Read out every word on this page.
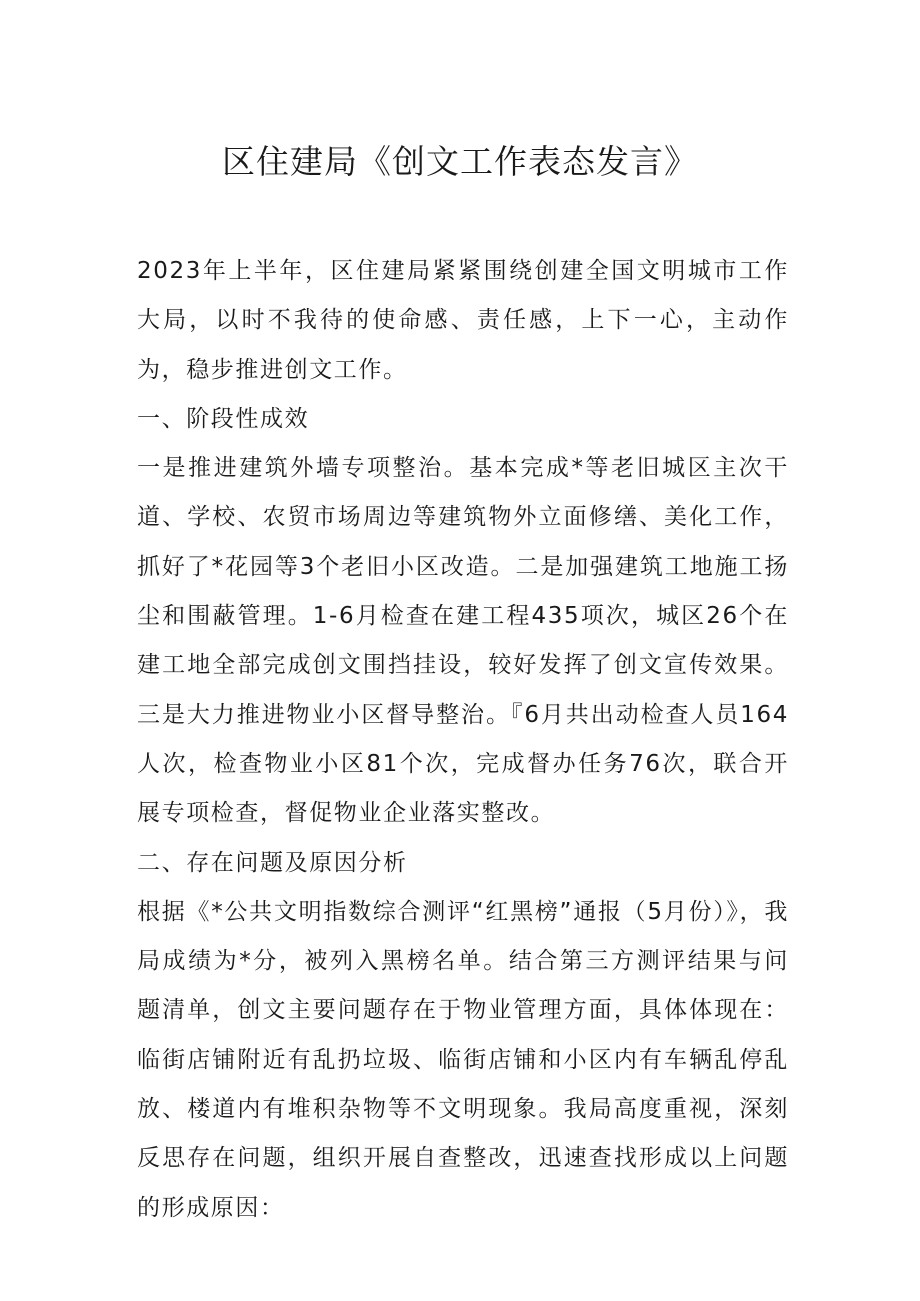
区住建局《创文工作表态发言》

2023年上半年，区住建局紧紧围绕创建全国文明城市工作大局，以时不我待的使命感、责任感，上下一心，主动作为，稳步推进创文工作。

一、阶段性成效

一是推进建筑外墙专项整治。基本完成*等老旧城区主次干道、学校、农贸市场周边等建筑物外立面修缮、美化工作，抓好了*花园等3个老旧小区改造。二是加强建筑工地施工扬尘和围蔽管理。1-6月检查在建工程435项次，城区26个在建工地全部完成创文围挡挂设，较好发挥了创文宣传效果。三是大力推进物业小区督导整治。『6月共出动检查人员164人次，检查物业小区81个次，完成督办任务76次，联合开展专项检查，督促物业企业落实整改。

二、存在问题及原因分析

根据《*公共文明指数综合测评“红黑榜”通报（5月份）》，我局成绩为*分，被列入黑榜名单。结合第三方测评结果与问题清单，创文主要问题存在于物业管理方面，具体体现在：临街店铺附近有乱扔垃圾、临街店铺和小区内有车辆乱停乱放、楼道内有堆积杂物等不文明现象。我局高度重视，深刻反思存在问题，组织开展自查整改，迅速查找形成以上问题的形成原因：
